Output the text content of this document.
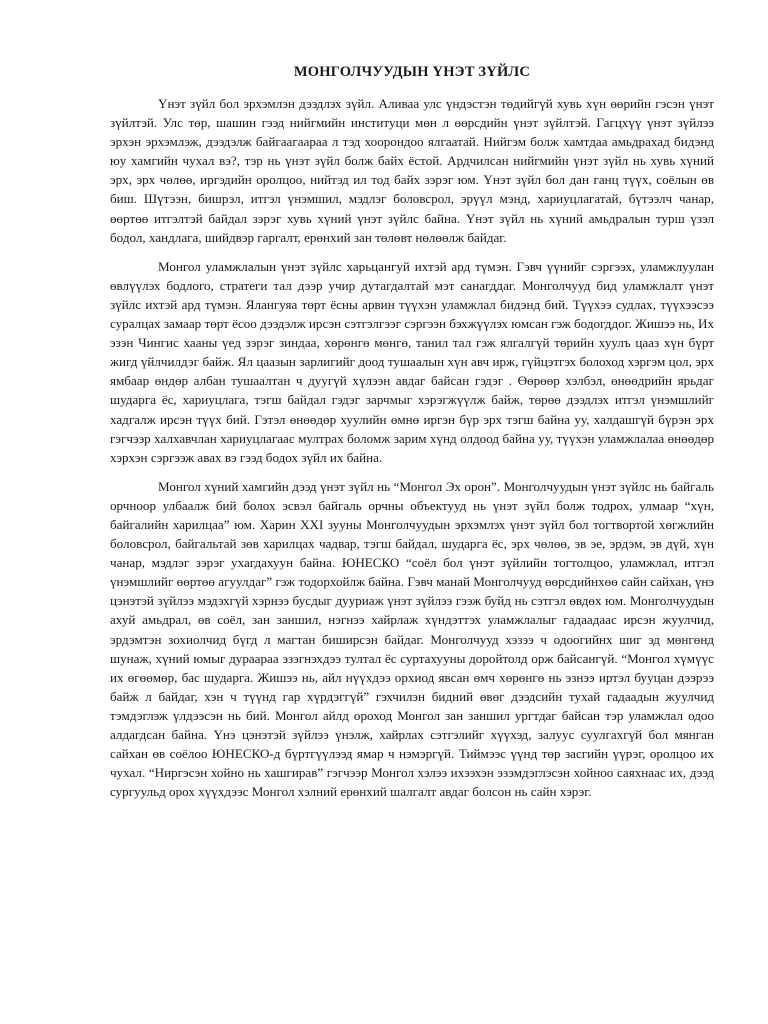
МОНГОЛЧУУДЫН ҮНЭТ ЗҮЙЛС

Үнэт зүйл бол эрхэмлэн дээдлэх зүйл. Аливаа улс үндэстэн төдийгүй хувь хүн өөрийн гэсэн үнэт зүйлтэй. Улс төр, шашин гээд нийгмийн институци мөн л өөрсдийн үнэт зүйлтэй. Гагцхүү үнэт зүйлээ эрхэн эрхэмлэж, дээдэлж байгаагаараа л тэд хоорондоо ялгаатай. Нийгэм болж хамтдаа амьдрахад бидэнд юу хамгийн чухал вэ?, тэр нь үнэт зүйл болж байх ёстой. Ардчилсан нийгмийн үнэт зүйл нь хувь хүний эрх, эрх чөлөө, иргэдийн оролцоо, нийтэд ил тод байх зэрэг юм. Үнэт зүйл бол дан ганц түүх, соёлын өв биш. Шүтээн, бишрэл, итгэл үнэмшил, мэдлэг боловсрол, эрүүл мэнд, хариуцлагатай, бүтээлч чанар, өөртөө итгэлтэй байдал зэрэг хувь хүний үнэт зүйлс байна. Үнэт зүйл нь хүний амьдралын турш үзэл бодол, хандлага, шийдвэр гаргалт, ерөнхий зан төлөвт нөлөөлж байдаг.

Монгол уламжлалын үнэт зүйлс харьцангуй ихтэй ард түмэн. Гэвч үүнийг сэргээх, уламжлуулан өвлүүлэх бодлого, стратеги тал дээр учир дутагдалтай мэт санагддаг. Монголчууд бид уламжлалт үнэт зүйлс ихтэй ард түмэн. Ялангуяа төрт ёсны арвин түүхэн уламжлал бидэнд бий. Түүхээ судлах, түүхээсээ суралцах замаар төрт ёсоо дээдэлж ирсэн сэтгэлгээг сэргээн бэхжүүлэх юмсан гэж бодогддог. Жишээ нь, Их эзэн Чингис хааны үед зэрэг зиндаа, хөрөнгө мөнгө, танил тал гэж ялгалгүй төрийн хуулъ цааз хүн бүрт жигд үйлчилдэг байж. Ял цаазын зарлигийг доод тушаалын хүн авч ирж, гүйцэтгэх болоход хэргэм цол, эрх ямбаар өндөр албан тушаалтан ч дуугүй хүлээн авдаг байсан гэдэг . Өөрөөр хэлбэл, өнөөдрийн ярьдаг шударга ёс, хариуцлага, тэгш байдал гэдэг зарчмыг хэрэгжүүлж байж, төрөө дээдлэх итгэл үнэмшлийг хадгалж ирсэн түүх бий. Гэтэл өнөөдөр хуулийн өмнө иргэн бүр эрх тэгш байна уу, халдашгүй бүрэн эрх гэгчээр халхавчлан хариуцлагаас мултрах боломж зарим хүнд олдоод байна уу, түүхэн уламжлалаа өнөөдөр хэрхэн сэргээж авах вэ гээд бодох зүйл их байна.

Монгол хүний хамгийн дээд үнэт зүйл нь “Монгол Эх орон”. Монголчуудын үнэт зүйлс нь байгаль орчноор улбаалж бий болох эсвэл байгаль орчны объектууд нь үнэт зүйл болж тодрох, улмаар “хүн, байгалийн харилцаа” юм. Харин XXI зууны Монголчуудын эрхэмлэх үнэт зүйл бол тогтвортой хөгжлийн боловсрол, байгальтай зөв харилцах чадвар, тэгш байдал, шударга ёс, эрх чөлөө, эв эе, эрдэм, эв дүй, хүн чанар, мэдлэг зэрэг ухагдахуун байна. ЮНЕСКО “соёл бол үнэт зүйлийн тогтолцоо, уламжлал, итгэл үнэмшлийг өөртөө агуулдаг” гэж тодорхойлж байна. Гэвч манай Монголчууд өөрсдийнхөө сайн сайхан, үнэ цэнэтэй зүйлээ мэдэхгүй хэрнээ бусдыг дууриаж үнэт зүйлээ гээж буйд нь сэтгэл өвдөх юм. Монголчуудын ахуй амьдрал, өв соёл, зан заншил, нэгнээ хайрлаж хүндэттэх уламжлалыг гадаадаас ирсэн жуулчид, эрдэмтэн зохиолчид бүгд л магтан биширсэн байдаг. Монголчууд хэзээ ч одоогийнх шиг эд мөнгөнд шунаж, хүний юмыг дураараа эзэгнэхдээ тултал ёс суртахууны доройтолд орж байсангүй. “Монгол хүмүүс их өгөөмөр, бас шударга. Жишээ нь, айл нүүхдээ орхиод явсан өмч хөрөнгө нь эзнээ иртэл бууцан дээрээ байж л байдаг, хэн ч түүнд гар хүрдэггүй” гэхчилэн бидний өвөг дээдсийн тухай гадаадын жуулчид тэмдэглэж үлдээсэн нь бий. Монгол айлд ороход Монгол зан заншил ургтдаг байсан тэр уламжлал одоо алдагдсан байна. Үнэ цэнэтэй зүйлээ үнэлж, хайрлах сэтгэлийг хүүхэд, залуус суулгахгүй бол мянган сайхан өв соёлоо ЮНЕСКО-д бүртгүүлээд ямар ч нэмэргүй. Тиймээс үүнд төр засгийн үүрэг, оролцоо их чухал. “Ниргэсэн хойно нь хашгирав” гэгчээр Монгол хэлээ ихээхэн эзэмдэглэсэн хойноо саяхнаас их, дээд сургуульд орох хүүхдээс Монгол хэлний ерөнхий шалгалт авдаг болсон нь сайн хэрэг.
